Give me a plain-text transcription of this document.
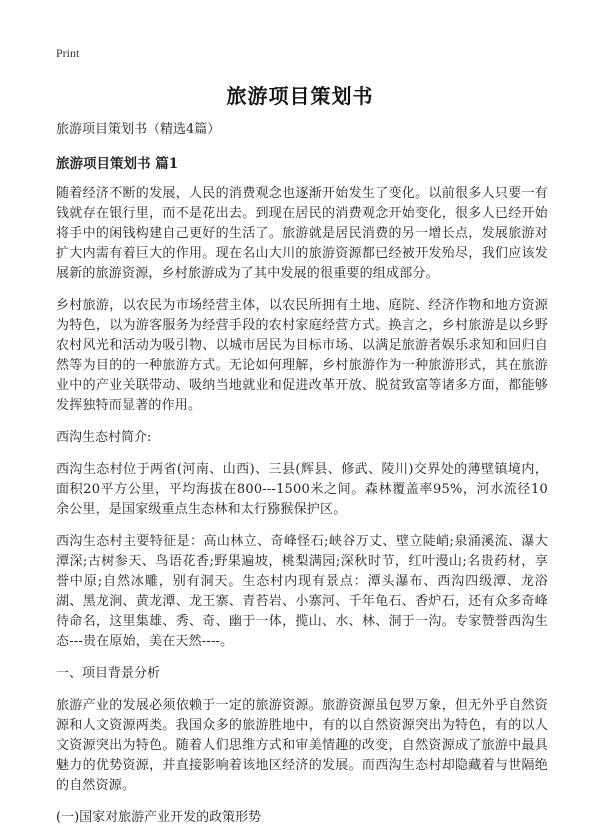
Print
旅游项目策划书

旅游项目策划书（精选4篇）

旅游项目策划书 篇1

随着经济不断的发展，人民的消费观念也逐渐开始发生了变化。以前很多人只要一有钱就存在银行里，而不是花出去。到现在居民的消费观念开始变化，很多人已经开始将手中的闲钱构建自己更好的生活了。旅游就是居民消费的另一增长点，发展旅游对扩大内需有着巨大的作用。现在名山大川的旅游资源都已经被开发殆尽，我们应该发展新的旅游资源，乡村旅游成为了其中发展的很重要的组成部分。

乡村旅游，以农民为市场经营主体，以农民所拥有土地、庭院、经济作物和地方资源为特色，以为游客服务为经营手段的农村家庭经营方式。换言之，乡村旅游是以乡野农村风光和活动为吸引物、以城市居民为目标市场、以满足旅游者娱乐求知和回归自然等为目的的一种旅游方式。无论如何理解，乡村旅游作为一种旅游形式，其在旅游业中的产业关联带动、吸纳当地就业和促进改革开放、脱贫致富等诸多方面，都能够发挥独特而显著的作用。

西沟生态村简介:

西沟生态村位于两省(河南、山西)、三县(辉县、修武、陵川)交界处的薄壁镇境内，面积20平方公里，平均海拔在800---1500米之间。森林覆盖率95%，河水流径10余公里，是国家级重点生态林和太行猕猴保护区。

西沟生态村主要特征是：高山林立、奇峰怪石;峡谷万丈、壁立陡峭;泉涌溪流、瀑大潭深;古树参天、鸟语花香;野果遍坡，桃梨满园;深秋时节，红叶漫山;名贵药材，享誉中原;自然冰雕，别有洞天。生态村内现有景点：潭头瀑布、西沟四级潭、龙浴湖、黑龙涧、黄龙潭、龙王寨、青苔岩、小寨河、千年龟石、香炉石，还有众多奇峰待命名，这里集雄、秀、奇、幽于一体，揽山、水、林、洞于一沟。专家赞誉西沟生态---贵在原始，美在天然----。

一、项目背景分析

旅游产业的发展必须依赖于一定的旅游资源。旅游资源虽包罗万象，但无外乎自然资源和人文资源两类。我国众多的旅游胜地中，有的以自然资源突出为特色，有的以人文资源突出为特色。随着人们思维方式和审美情趣的改变，自然资源成了旅游中最具魅力的优势资源，并直接影响着该地区经济的发展。而西沟生态村却隐藏着与世隔绝的自然资源。

(一)国家对旅游产业开发的政策形势
